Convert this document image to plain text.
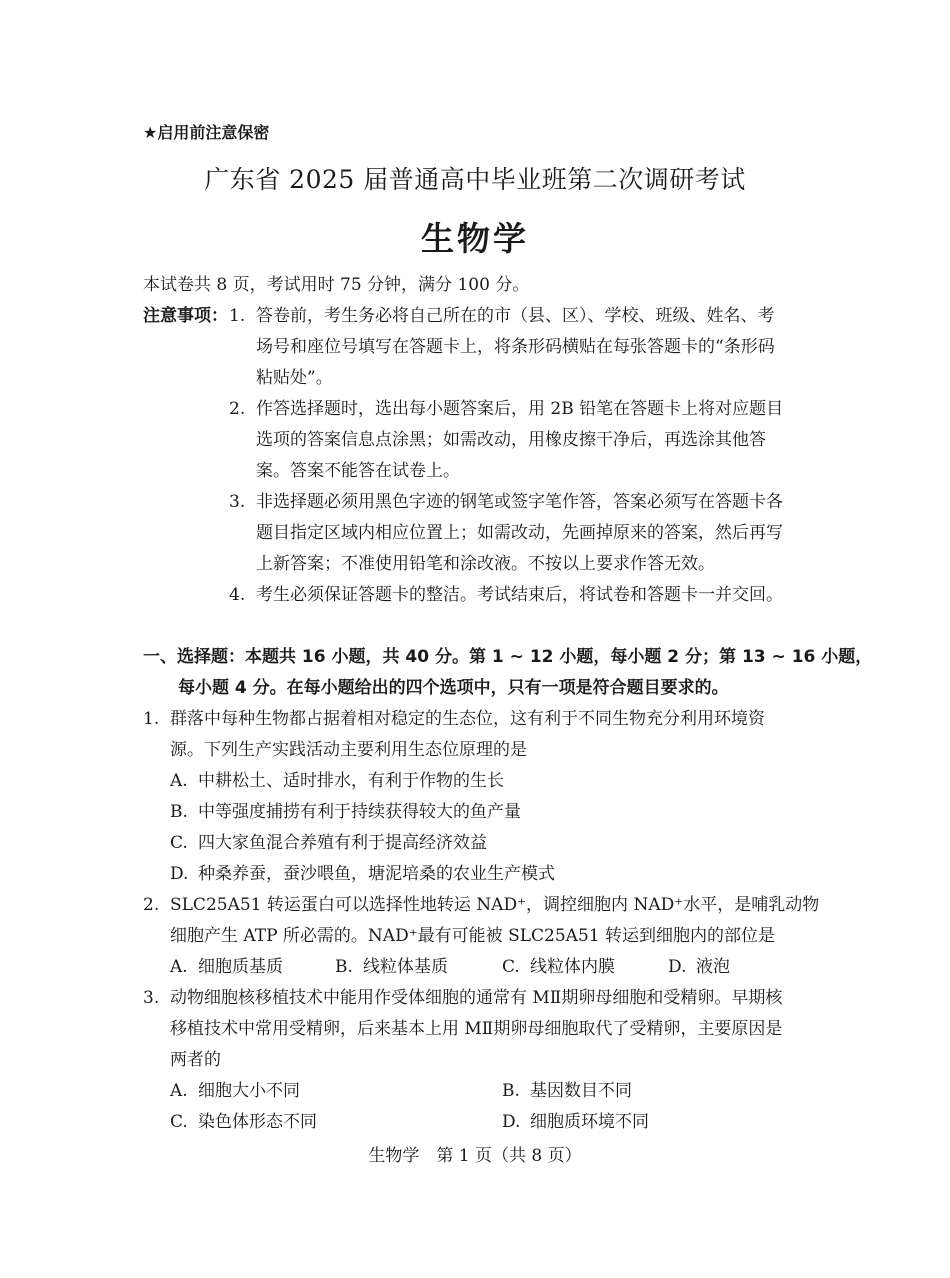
★启用前注意保密
广东省 2025 届普通高中毕业班第二次调研考试
生物学
本试卷共 8 页，考试用时 75 分钟，满分 100 分。
注意事项： 1. 答卷前，考生务必将自己所在的市（县、区）、学校、班级、姓名、考
场号和座位号填写在答题卡上，将条形码横贴在每张答题卡的“条形码
粘贴处”。
2. 作答选择题时，选出每小题答案后，用 2B 铅笔在答题卡上将对应题目
选项的答案信息点涂黑；如需改动，用橡皮擦干净后，再选涂其他答
案。答案不能答在试卷上。
3. 非选择题必须用黑色字迹的钢笔或签字笔作答，答案必须写在答题卡各
题目指定区域内相应位置上；如需改动，先画掉原来的答案，然后再写
上新答案；不准使用铅笔和涂改液。不按以上要求作答无效。
4. 考生必须保证答题卡的整洁。考试结束后，将试卷和答题卡一并交回。
一、选择题：本题共 16 小题，共 40 分。第 1 ~ 12 小题，每小题 2 分；第 13 ~ 16 小题，
每小题 4 分。在每小题给出的四个选项中，只有一项是符合题目要求的。
1. 群落中每种生物都占据着相对稳定的生态位，这有利于不同生物充分利用环境资
源。下列生产实践活动主要利用生态位原理的是
A. 中耕松土、适时排水，有利于作物的生长
B. 中等强度捕捞有利于持续获得较大的鱼产量
C. 四大家鱼混合养殖有利于提高经济效益
D. 种桑养蚕，蚕沙喂鱼，塘泥培桑的农业生产模式
2. SLC25A51 转运蛋白可以选择性地转运 NAD⁺，调控细胞内 NAD⁺水平，是哺乳动物
细胞产生 ATP 所必需的。NAD⁺最有可能被 SLC25A51 转运到细胞内的部位是
A. 细胞质基质	B. 线粒体基质	C. 线粒体内膜	D. 液泡
3. 动物细胞核移植技术中能用作受体细胞的通常有 MⅡ期卵母细胞和受精卵。早期核
移植技术中常用受精卵，后来基本上用 MⅡ期卵母细胞取代了受精卵，主要原因是
两者的
A. 细胞大小不同	B. 基因数目不同
C. 染色体形态不同	D. 细胞质环境不同
生物学　第 1 页（共 8 页）
